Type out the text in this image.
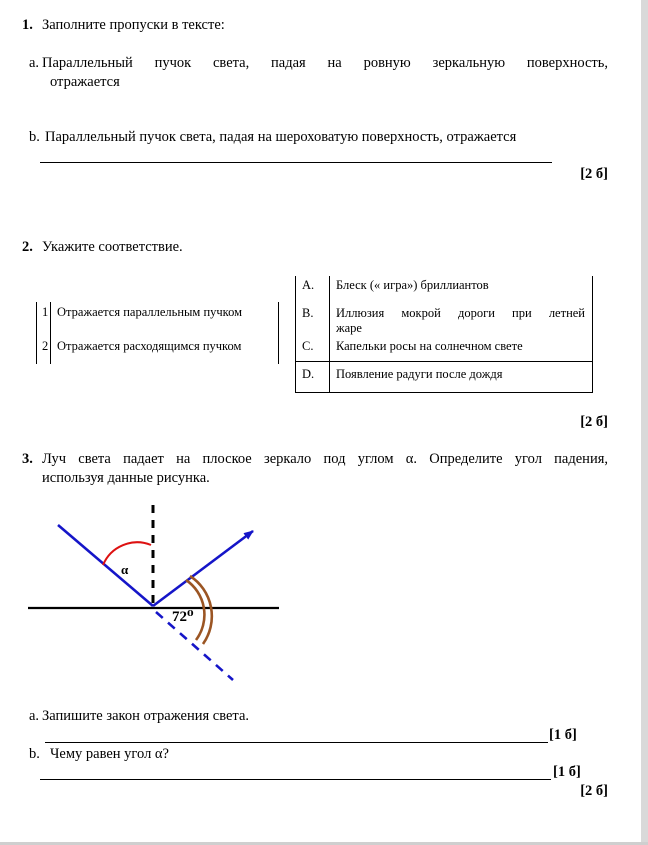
1. Заполните пропуски в тексте:
a. Параллельный пучок света, падая на ровную зеркальную поверхность,
отражается
b. Параллельный пучок света, падая на шероховатую поверхность, отражается
[2 б]
2. Укажите соответствие.
1 Отражается параллельным пучком
2 Отражается расходящимся пучком
A. Блеск (« игра») бриллиантов
B. Иллюзия мокрой дороги при летней
жаре
C. Капельки росы на солнечном свете
D. Появление радуги после дождя
[2 б]
3. Луч света падает на плоское зеркало под углом α. Определите угол падения,
используя данные рисунка.
α
72⁰
a. Запишите закон отражения света.
[1 б]
b. Чему равен угол α?
[1 б]
[2 б]
